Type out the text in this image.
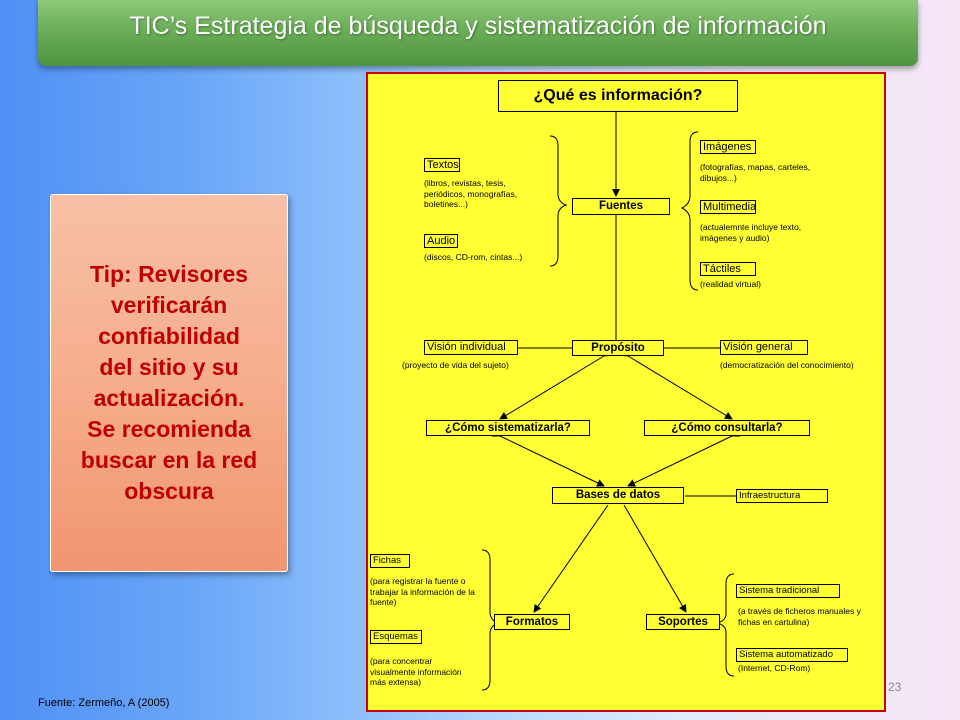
TIC’s Estrategia de búsqueda y sistematización de información
Tip: Revisores
verificarán
confiabilidad
del sitio y su
actualización.
Se recomienda
buscar en la red
obscura
¿Qué es información?
Fuentes
Propósito
¿Cómo sistematizarla?	¿Cómo consultarla?
Bases de datos
Formatos	Soportes
Textos
(libros, revistas, tesis,
periódicos, monografías,
boletines...)
Audio
(discos, CD-rom, cintas...)
Imágenes
(fotografías, mapas, carteles,
dibujos...)
Multimedia
(actualemnte incluye texto,
imágenes y audio)
Táctiles
(realidad virtual)
Visión individual
(proyecto de vida del sujeto)
Visión general
(democratización del conocimiento)
Infraestructura
Fichas
(para registrar la fuente o
trabajar la información de la
fuente)
Esquemas
(para concentrar
visualmente información
más extensa)
Sistema tradicional
(a través de ficheros manuales y
fichas en cartulina)
Sistema automatizado
(Internet, CD-Rom)
Fuente: Zermeño, A (2005)
23
